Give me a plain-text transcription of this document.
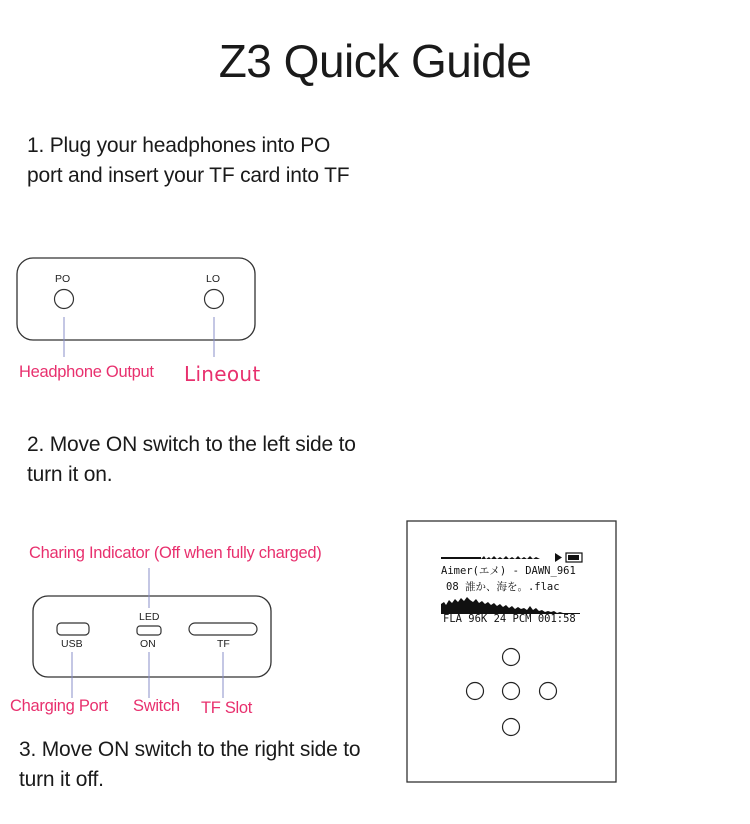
Z3 Quick Guide
1. Plug your headphones into PO
port and insert your TF card into TF
PO	LO
Headphone Output Lineout
2. Move ON switch to the left side to
turn it on.
Charing Indicator (Off when fully charged)
LED
USB	ON	TF
Charging Port Switch TF Slot
3. Move ON switch to the right side to
turn it off.
Aimer(エメ) - DAWN_961
08 誰か、海を。.flac
FLA 96K 24 PCM 001:58
